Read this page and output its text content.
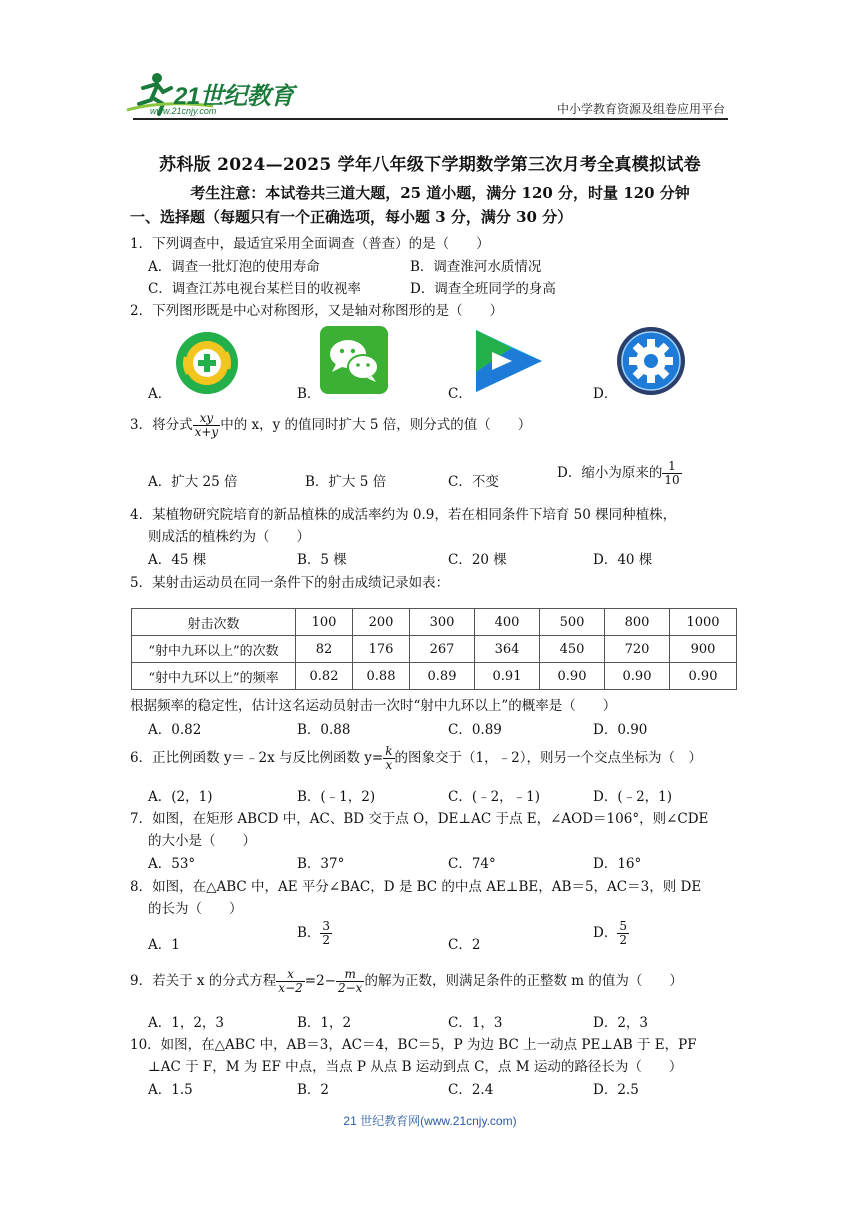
21世纪教育
www.21cnjy.com	中小学教育资源及组卷应用平台
苏科版 2024—2025 学年八年级下学期数学第三次月考全真模拟试卷
考生注意：本试卷共三道大题，25 道小题，满分 120 分，时量 120 分钟
一、选择题（每题只有一个正确选项，每小题 3 分，满分 30 分）
1．下列调查中，最适宜采用全面调查（普查）的是（　　）
A．调查一批灯泡的使用寿命	B．调查淮河水质情况
C．调查江苏电视台某栏目的收视率	D．调查全班同学的身高
2．下列图形既是中心对称图形，又是轴对称图形的是（　　）
A．	B．	C．	D．
3．将分式 $\frac{xy}{x+y}$ 中的 x，y 的值同时扩大 5 倍，则分式的值（　　）
A．扩大 25 倍	B．扩大 5 倍	C．不变
D．缩小为原来的 $\frac{1}{10}$
4．某植物研究院培育的新品植株的成活率约为 0.9，若在相同条件下培育 50 棵同种植株，
则成活的植株约为（　　）
A．45 棵	B．5 棵	C．20 棵	D．40 棵
5．某射击运动员在同一条件下的射击成绩记录如表：
射击次数	100	200	300	400	500	800	1000
“射中九环以上”的次数	82	176	267	364	450	720	900
“射中九环以上”的频率	0.82	0.88	0.89	0.91	0.90	0.90	0.90
根据频率的稳定性，估计这名运动员射击一次时“射中九环以上”的概率是（　　）
A．0.82	B．0.88	C．0.89	D．0.90
6．正比例函数 y＝﹣2x 与反比例函数 $y= \frac{k}{x}$ 的图象交于（1，﹣2），则另一个交点坐标为（　）
A．(2，1)	B．(﹣1，2)	C．(﹣2，﹣1)	D．(﹣2，1)
7．如图，在矩形 ABCD 中，AC、BD 交于点 O，DE⊥AC 于点 E，∠AOD＝106°，则∠CDE
的大小是（　　）
A．53°	B．37°	C．74°	D．16°
8．如图，在△ABC 中，AE 平分∠BAC，D 是 BC 的中点 AE⊥BE，AB＝5，AC＝3，则 DE
的长为（　　）
A．1
B． $\frac{3}{2}$	C．2
D． $\frac{5}{2}$
9．若关于 x 的分式方程 $\frac{x}{x-2} =2- \frac{m}{2-x}$ 的解为正数，则满足条件的正整数 m 的值为（　　）
A．1，2，3	B．1，2	C．1，3	D．2，3
10．如图，在△ABC 中，AB＝3，AC＝4，BC＝5，P 为边 BC 上一动点 PE⊥AB 于 E，PF
⊥AC 于 F，M 为 EF 中点，当点 P 从点 B 运动到点 C，点 M 运动的路径长为（　　）
A．1.5	B．2	C．2.4	D．2.5
21 世纪教育网(www.21cnjy.com)
